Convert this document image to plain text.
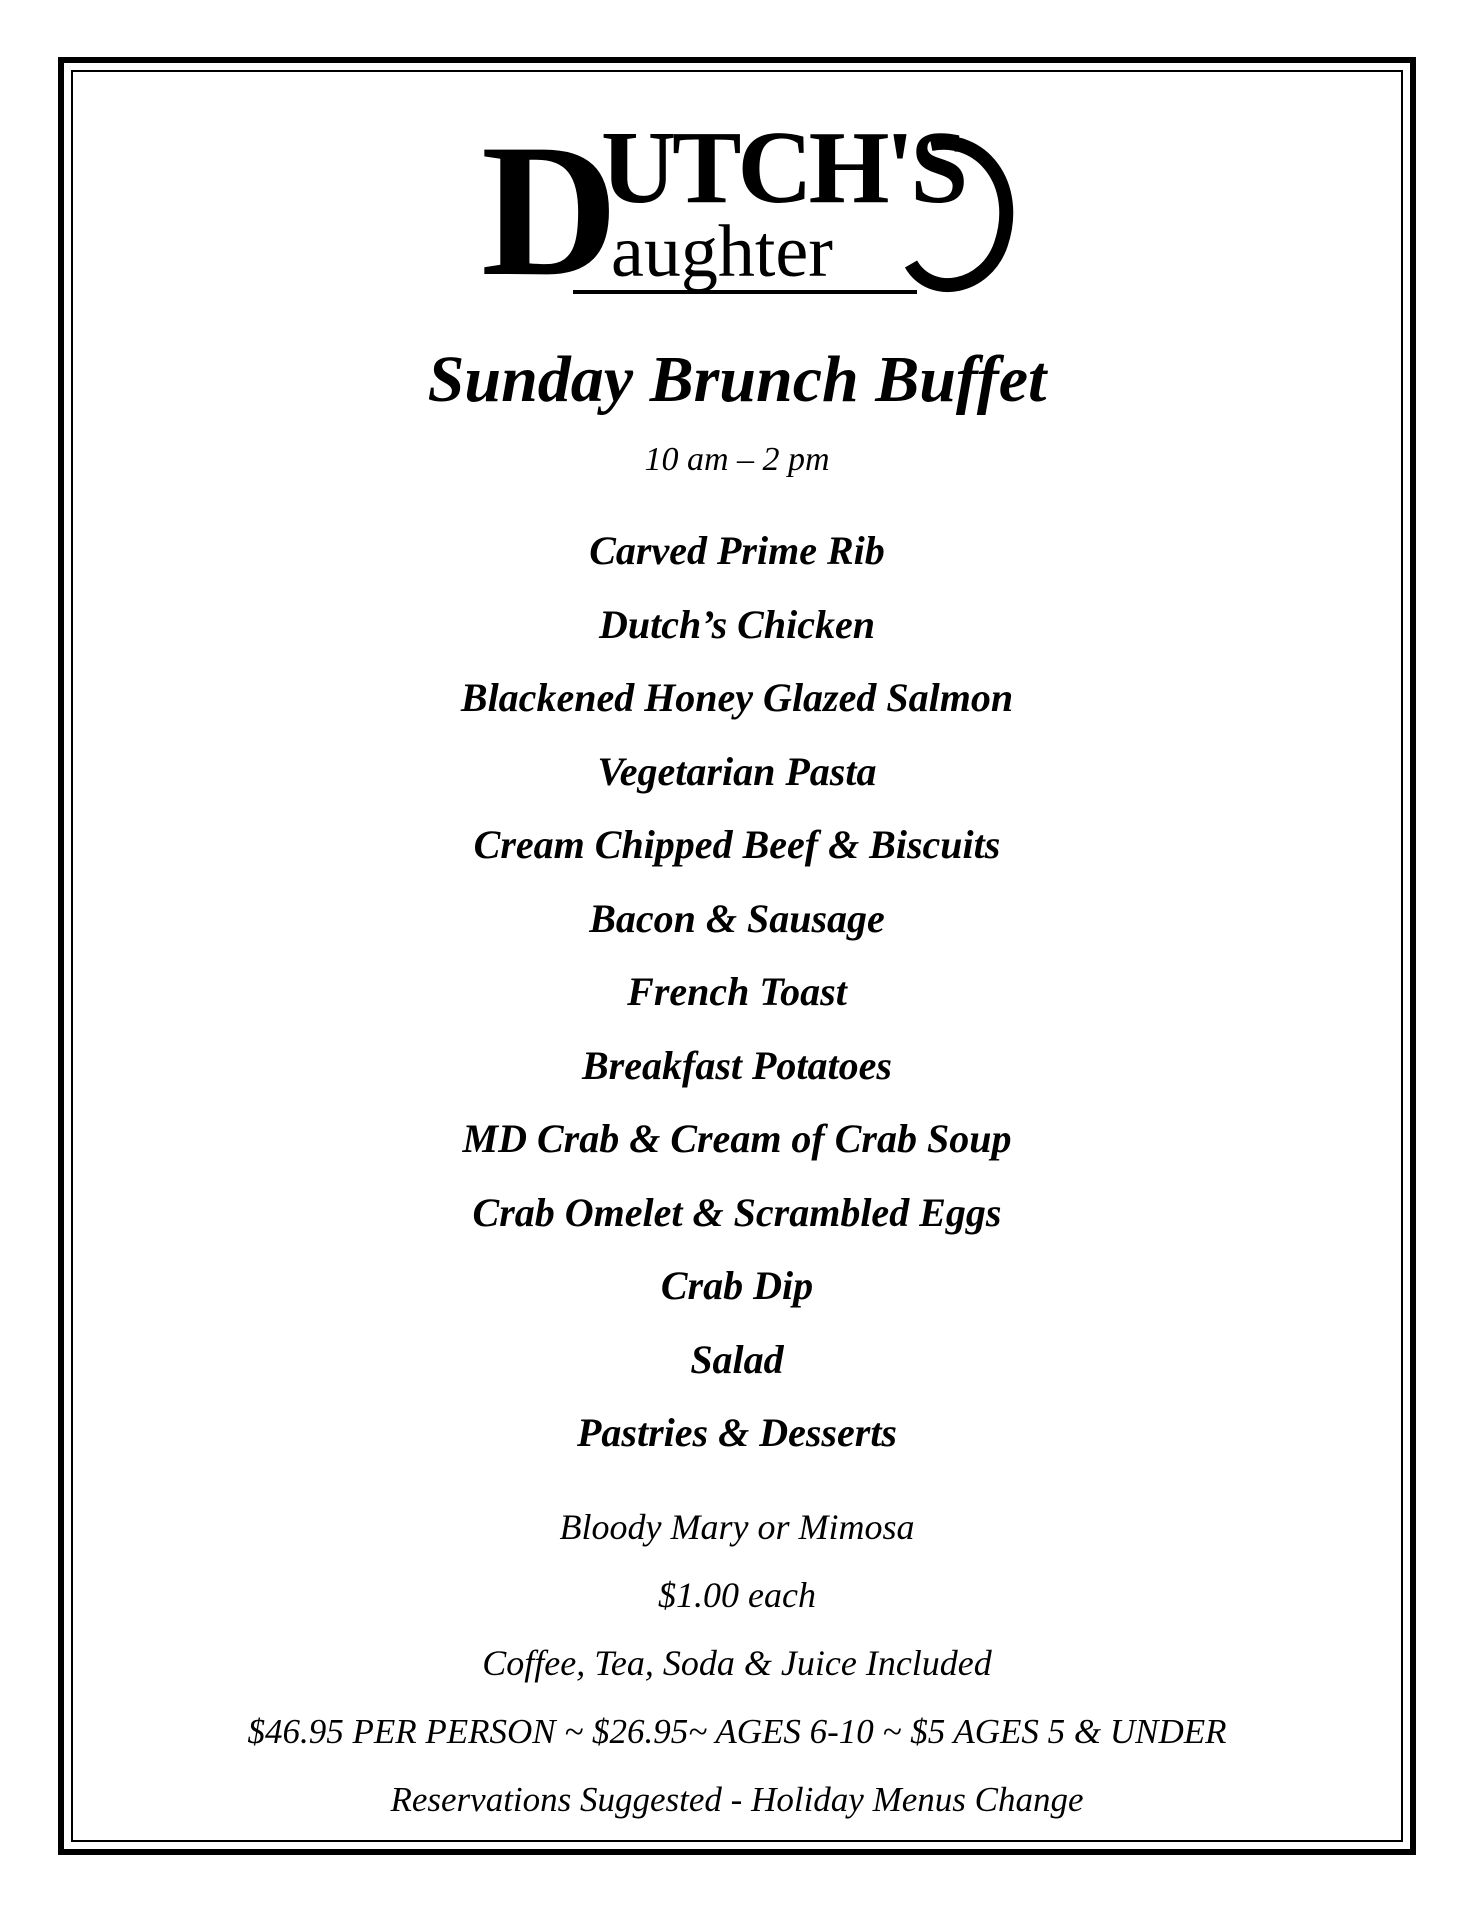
D
UTCH'S
aughter
Sunday Brunch Buffet
10 am – 2 pm
Carved Prime Rib
Dutch’s Chicken
Blackened Honey Glazed Salmon
Vegetarian Pasta
Cream Chipped Beef & Biscuits
Bacon & Sausage
French Toast
Breakfast Potatoes
MD Crab & Cream of Crab Soup
Crab Omelet & Scrambled Eggs
Crab Dip
Salad
Pastries & Desserts
Bloody Mary or Mimosa
$1.00 each
Coffee, Tea, Soda & Juice Included
$46.95 PER PERSON ~ $26.95~ AGES 6-10 ~ $5 AGES 5 & UNDER
Reservations Suggested - Holiday Menus Change
